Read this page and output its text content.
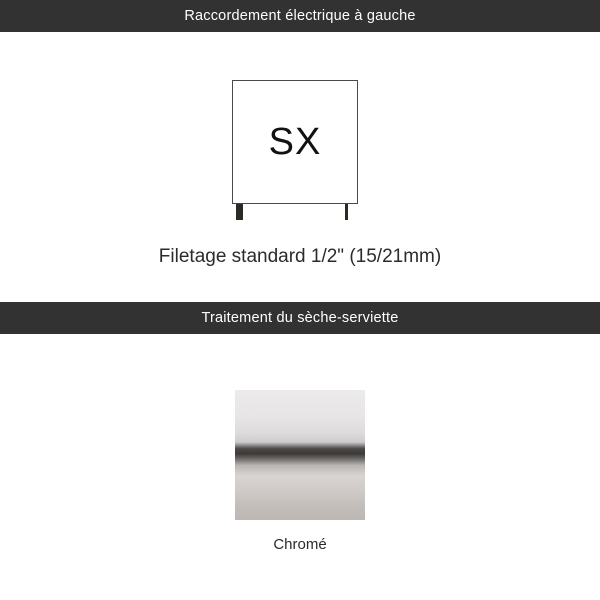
Raccordement électrique à gauche
SX
Filetage standard 1/2" (15/21mm)
Traitement du sèche-serviette
Chromé
